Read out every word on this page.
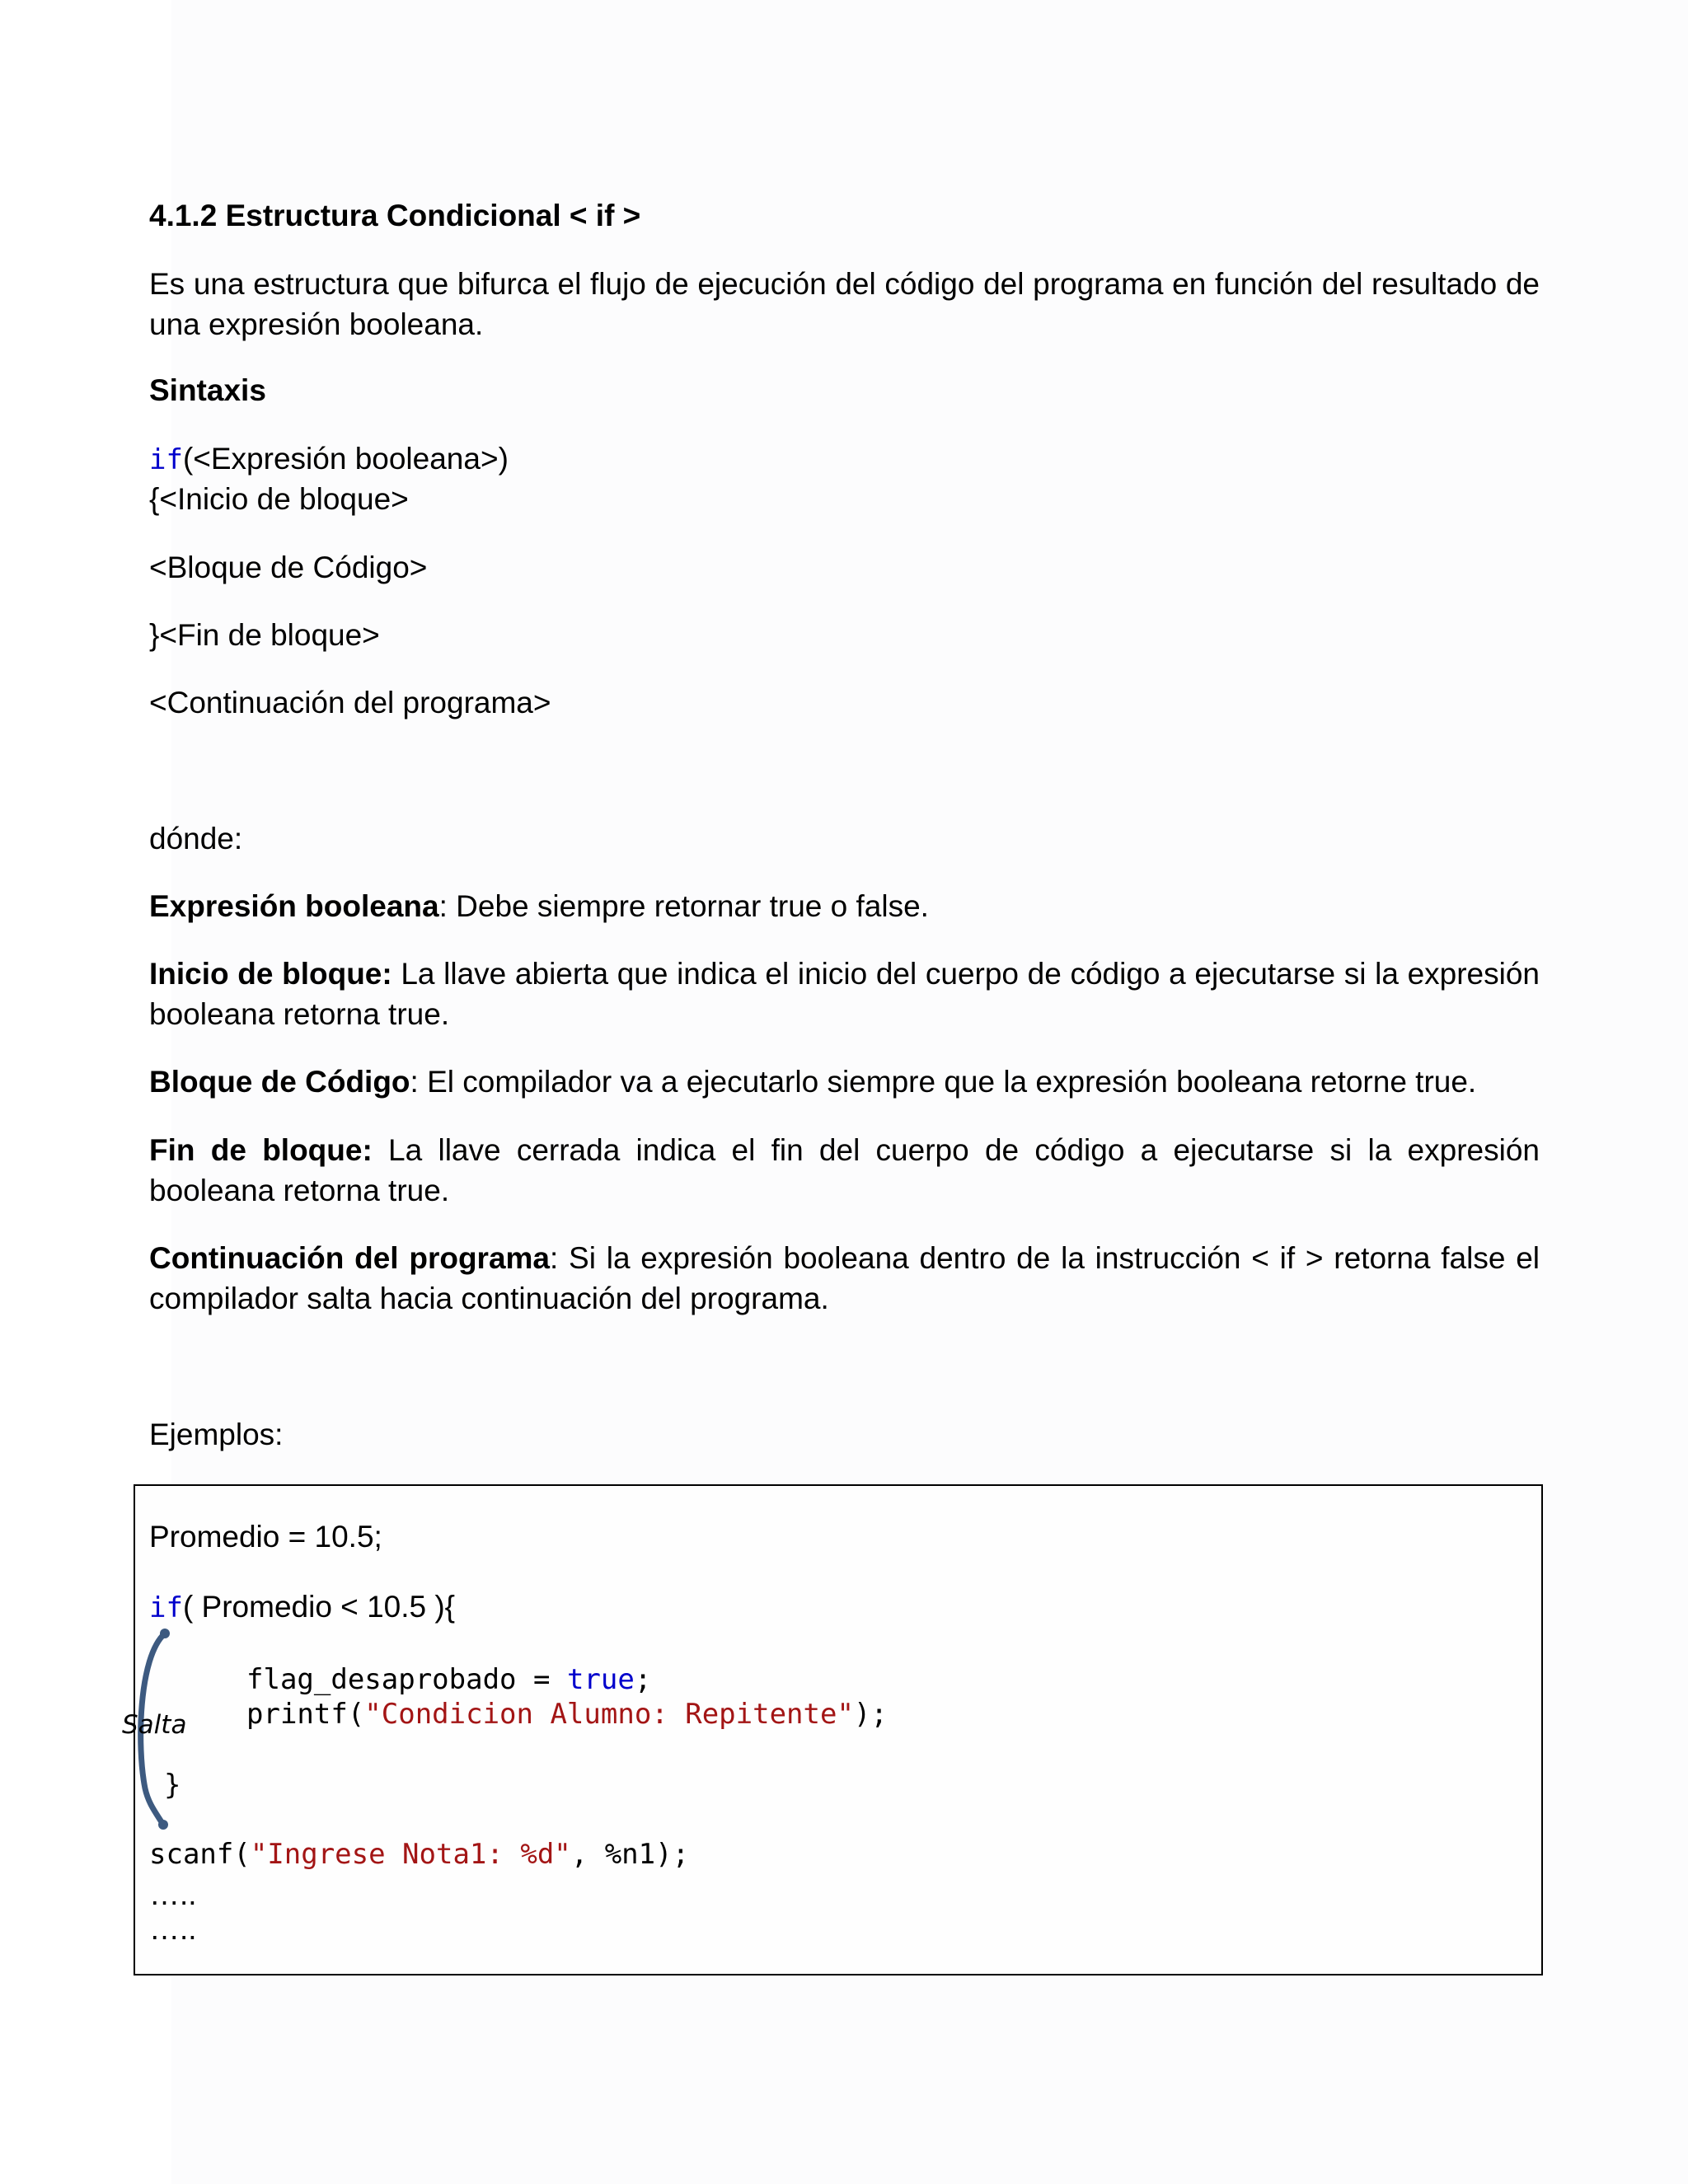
4.1.2 Estructura Condicional < if >
Es una estructura que bifurca el flujo de ejecución del código del programa en función del resultado de una expresión booleana.
Sintaxis
if(<Expresión booleana>)
{<Inicio de bloque>
<Bloque de Código>
}<Fin de bloque>
<Continuación del programa>
dónde:
Expresión booleana: Debe siempre retornar true o false.
Inicio de bloque: La llave abierta que indica el inicio del cuerpo de código a ejecutarse si la expresión booleana retorna true.
Bloque de Código: El compilador va a ejecutarlo siempre que la expresión booleana retorne true.
Fin de bloque: La llave cerrada indica el fin del cuerpo de código a ejecutarse si la expresión booleana retorna true.
Continuación del programa: Si la expresión booleana dentro de la instrucción < if > retorna false el compilador salta hacia continuación del programa.
Ejemplos:
Promedio = 10.5;
if( Promedio < 10.5 ){
flag_desaprobado = true;
printf("Condicion Alumno: Repitente");
}
scanf("Ingrese Nota1: %d", %n1);
…..
…..
Salta
